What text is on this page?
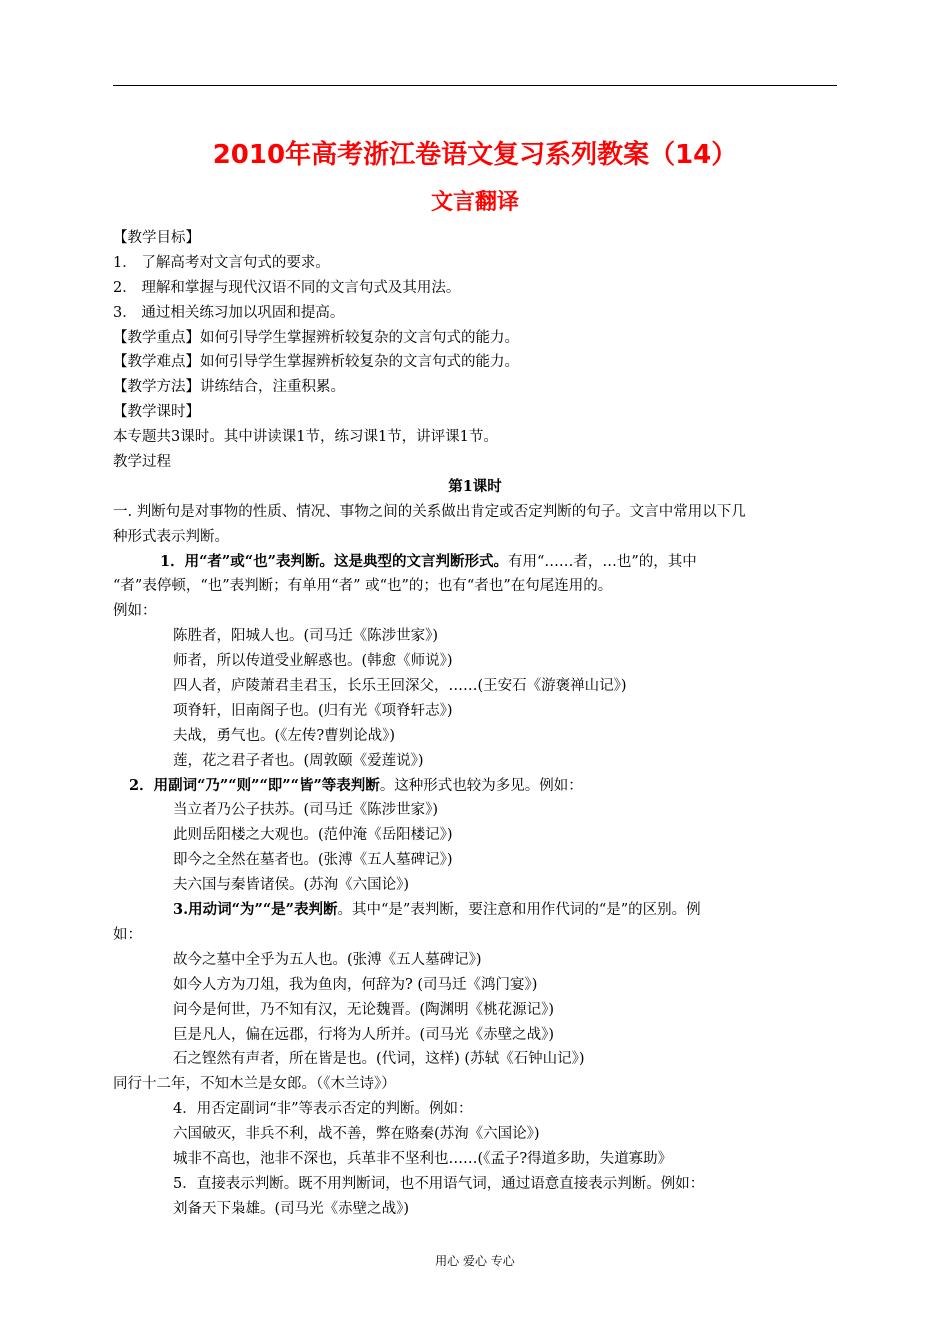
2010年高考浙江卷语文复习系列教案（14）
文言翻译
【教学目标】
1． 了解高考对文言句式的要求。
2． 理解和掌握与现代汉语不同的文言句式及其用法。
3． 通过相关练习加以巩固和提高。
【教学重点】如何引导学生掌握辨析较复杂的文言句式的能力。
【教学难点】如何引导学生掌握辨析较复杂的文言句式的能力。
【教学方法】讲练结合，注重积累。
【教学课时】
本专题共3课时。其中讲读课1节，练习课1节，讲评课1节。
教学过程
第1课时
一. 判断句是对事物的性质、情况、事物之间的关系做出肯定或否定判断的句子。文言中常用以下几
种形式表示判断。
1．用“者”或“也”表判断。这是典型的文言判断形式。有用“……者，…也”的，其中
“者”表停顿，“也”表判断；有单用“者” 或“也”的；也有“者也”在句尾连用的。
例如：
陈胜者，阳城人也。(司马迁《陈涉世家》)
师者，所以传道受业解惑也。(韩愈《师说》)
四人者，庐陵萧君圭君玉，长乐王回深父，……(王安石《游褒禅山记》)
项脊轩，旧南阁子也。(归有光《项脊轩志》)
夫战，勇气也。(《左传?曹刿论战》)
莲，花之君子者也。(周敦颐《爱莲说》)
2．用副词“乃”“则”“即”“皆”等表判断。这种形式也较为多见。例如：
当立者乃公子扶苏。(司马迁《陈涉世家》)
此则岳阳楼之大观也。(范仲淹《岳阳楼记》)
即今之全然在墓者也。(张溥《五人墓碑记》)
夫六国与秦皆诸侯。(苏洵《六国论》)
3.用动词“为”“是”表判断。其中“是”表判断，要注意和用作代词的“是”的区别。例
如：
故今之墓中全乎为五人也。(张溥《五人墓碑记》)
如今人方为刀俎，我为鱼肉，何辞为? (司马迁《鸿门宴》)
问今是何世，乃不知有汉，无论魏晋。(陶渊明《桃花源记》)
巨是凡人，偏在远郡，行将为人所并。(司马光《赤壁之战》)
石之铿然有声者，所在皆是也。(代词，这样) (苏轼《石钟山记》)
同行十二年，不知木兰是女郎。（《木兰诗》）
4．用否定副词“非”等表示否定的判断。例如：
六国破灭，非兵不利，战不善，弊在赂秦(苏洵《六国论》)
城非不高也，池非不深也，兵革非不坚利也……(《孟子?得道多助，失道寡助》
5．直接表示判断。既不用判断词，也不用语气词，通过语意直接表示判断。例如：
刘备天下枭雄。(司马光《赤壁之战》)
用心 爱心 专心
